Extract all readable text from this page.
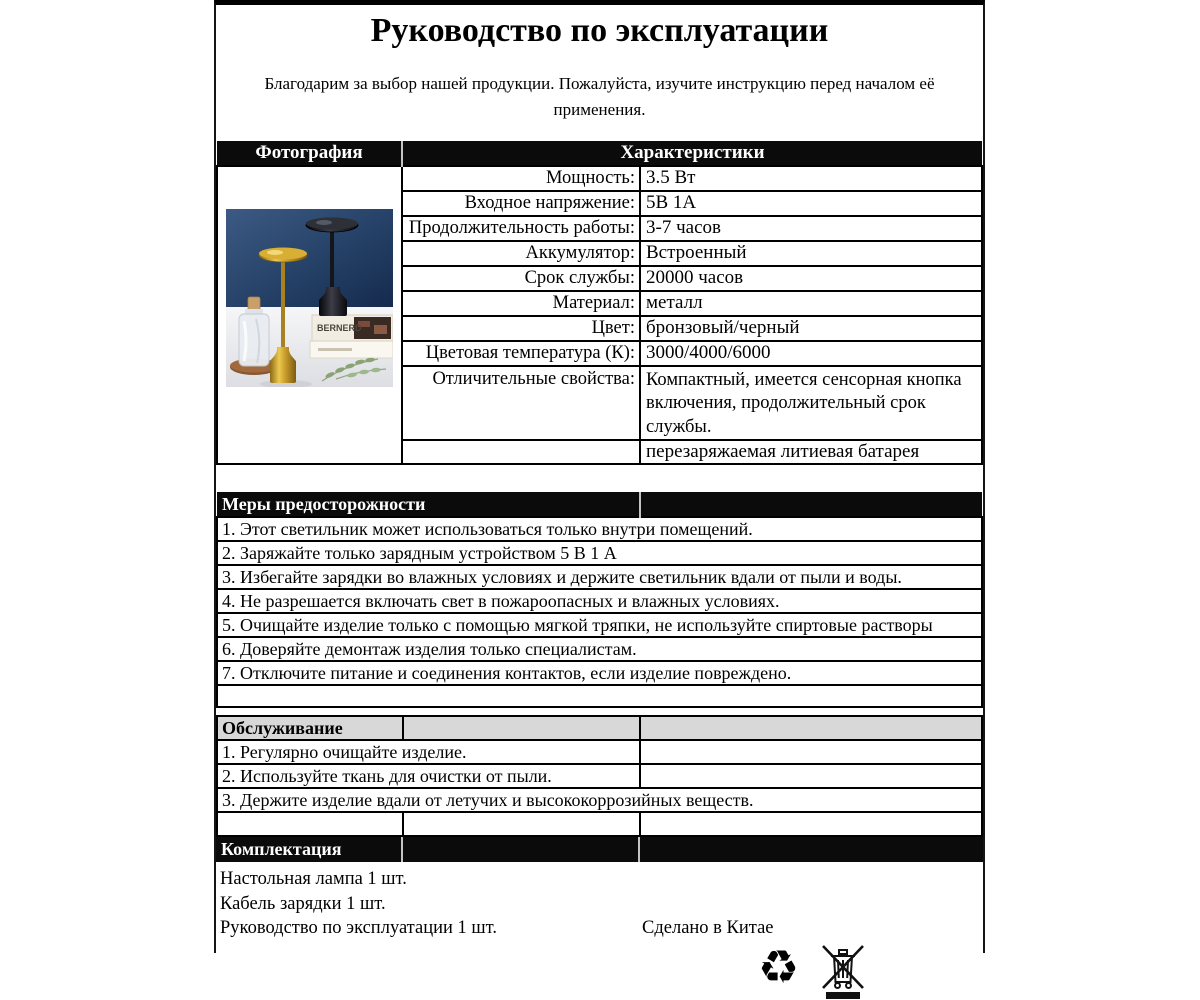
Руководство по эксплуатации

Благодарим за выбор нашей продукции. Пожалуйста, изучите инструкцию перед началом её применения.

Фотография	Характеристики	

BERNERD	Мощность:	3.5 Вт
	Входное напряжение:	5В 1А
	Продолжительность работы:	3-7 часов
	Аккумулятор:	Встроенный
	Срок службы:	20000 часов
	Материал:	металл
	Цвет:	бронзовый/черный
	Цветовая температура (К):	3000/4000/6000
	Отличительные свойства:	Компактный, имеется сенсорная кнопка включения, продолжительный срок службы.
		перезаряжаемая литиевая батарея
Меры предосторожности	
1. Этот светильник может использоваться только внутри помещений.
2. Заряжайте только зарядным устройством 5 В 1 А
3. Избегайте зарядки во влажных условиях и держите светильник вдали от пыли и воды.
4. Не разрешается включать свет в пожароопасных и влажных условиях.
5. Очищайте изделие только с помощью мягкой тряпки, не используйте спиртовые растворы
6. Доверяйте демонтаж изделия только специалистам.
7. Отключите питание и соединения контактов, если изделие повреждено.

Обслуживание		
1. Регулярно очищайте изделие.		
2. Используйте ткань для очистки от пыли.		
3. Держите изделие вдали от летучих и высококоррозийных веществ.		

Комплектация		
Настольная лампа 1 шт.
Кабель зарядки 1 шт.
Руководство по эксплуатации 1 шт.	Сделано в Китае
♻
